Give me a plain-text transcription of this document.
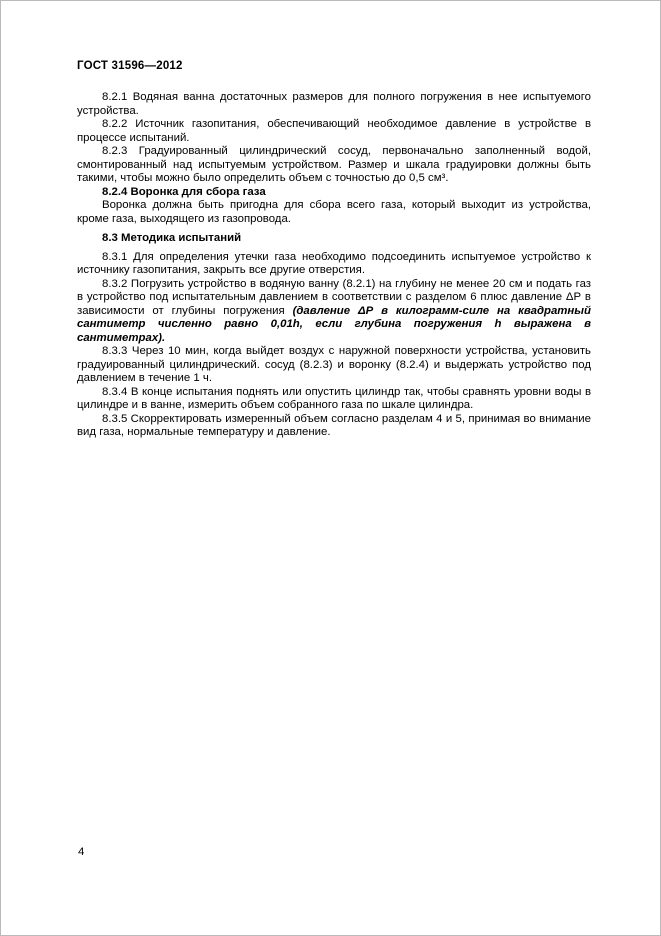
ГОСТ 31596—2012

8.2.1 Водяная ванна достаточных размеров для полного погружения в нее испытуемого устройства.

8.2.2 Источник газопитания, обеспечивающий необходимое давление в устройстве в процессе испытаний.

8.2.3 Градуированный цилиндрический сосуд, первоначально заполненный водой, смонтированный над испытуемым устройством. Размер и шкала градуировки должны быть такими, чтобы можно было определить объем с точностью до 0,5 см³.

8.2.4 Воронка для сбора газа

Воронка должна быть пригодна для сбора всего газа, который выходит из устройства, кроме газа, выходящего из газопровода.

8.3 Методика испытаний

8.3.1 Для определения утечки газа необходимо подсоединить испытуемое устройство к источнику газопитания, закрыть все другие отверстия.

8.3.2 Погрузить устройство в водяную ванну (8.2.1) на глубину не менее 20 см и подать газ в устройство под испытательным давлением в соответствии с разделом 6 плюс давление ΔР в зависимости от глубины погружения (давление ΔР в килограмм-силе на квадратный сантиметр численно равно 0,01h, если глубина погружения h выражена в сантиметрах).

8.3.3 Через 10 мин, когда выйдет воздух с наружной поверхности устройства, установить градуированный цилиндрический. сосуд (8.2.3) и воронку (8.2.4) и выдержать устройство под давлением в течение 1 ч.

8.3.4 В конце испытания поднять или опустить цилиндр так, чтобы сравнять уровни воды в цилиндре и в ванне, измерить объем собранного газа по шкале цилиндра.

8.3.5 Скорректировать измеренный объем согласно разделам 4 и 5, принимая во внимание вид газа, нормальные температуру и давление.

4
